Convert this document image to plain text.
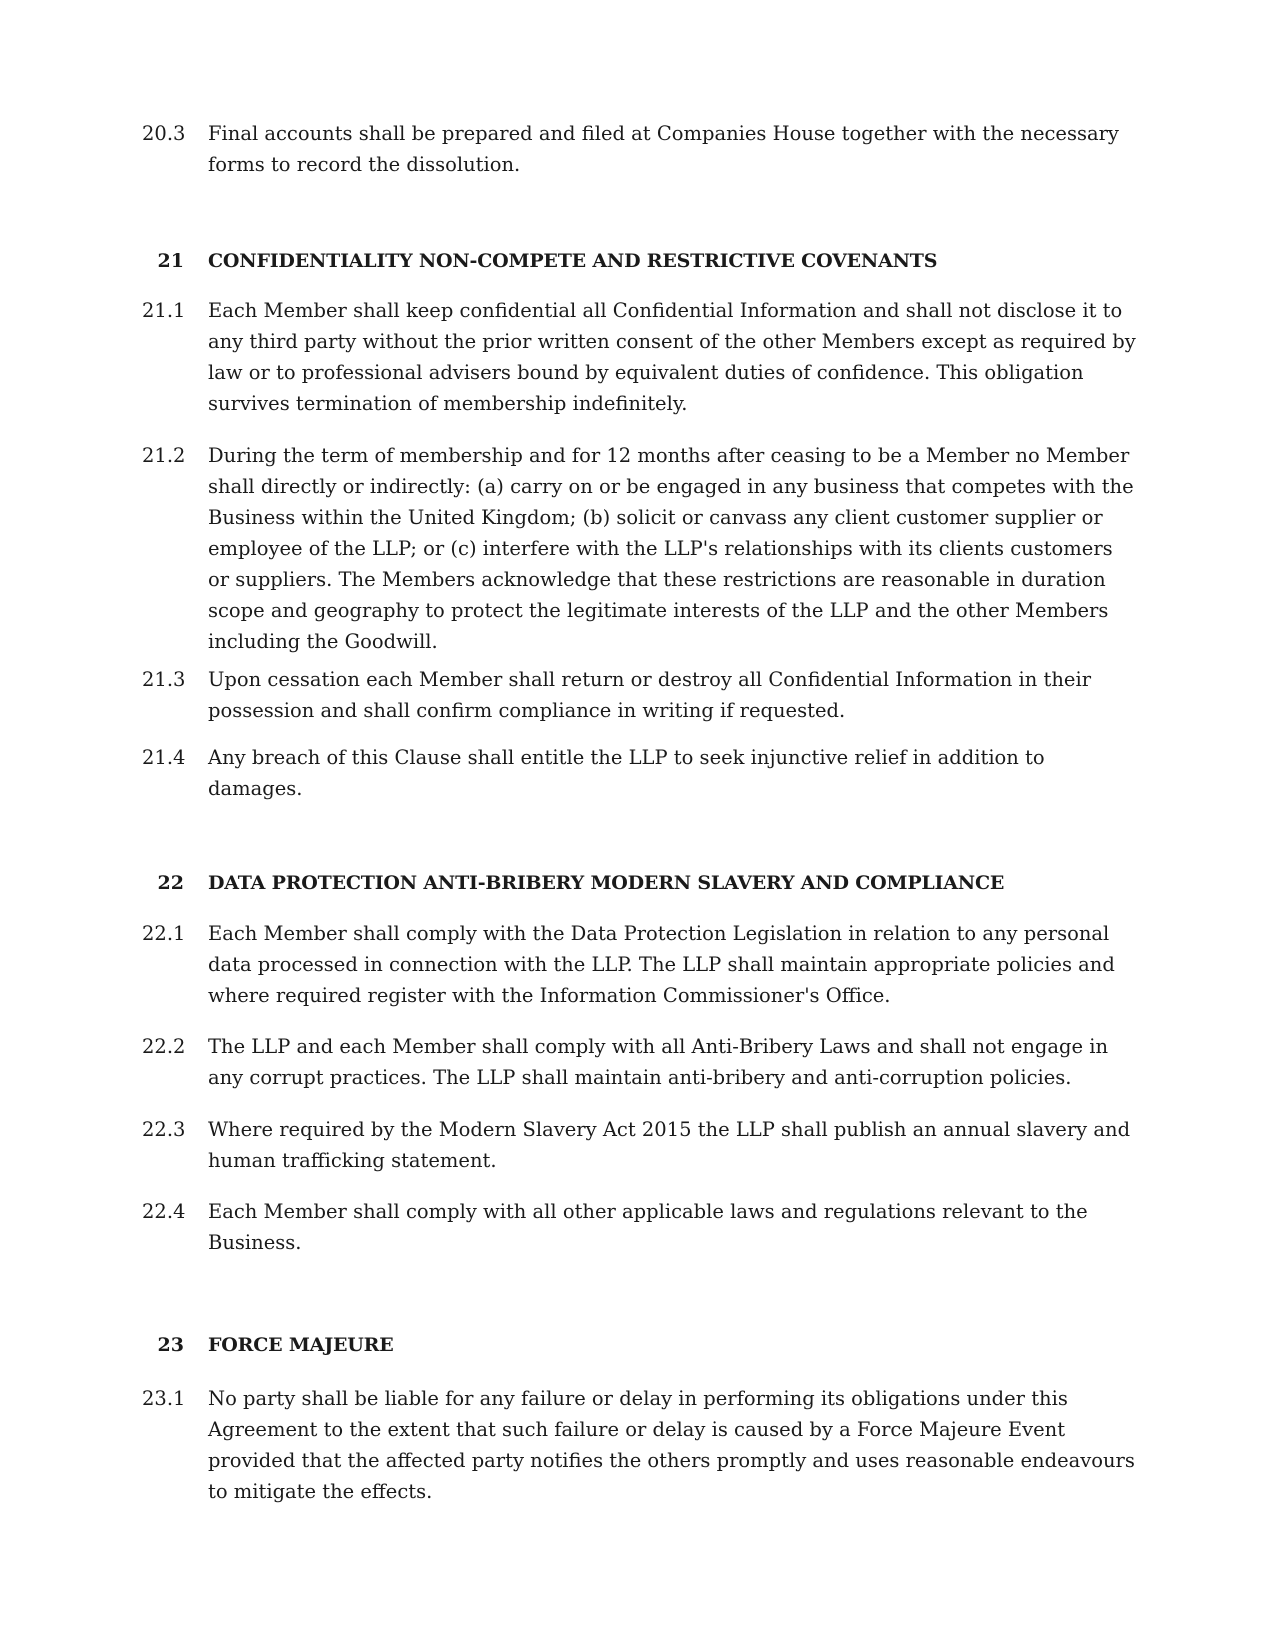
20.3	Final accounts shall be prepared and filed at Companies House together with the necessary forms to record the dissolution.
21 CONFIDENTIALITY NON-COMPETE AND RESTRICTIVE COVENANTS
21.1	Each Member shall keep confidential all Confidential Information and shall not disclose it to any third party without the prior written consent of the other Members except as required by law or to professional advisers bound by equivalent duties of confidence. This obligation survives termination of membership indefinitely.
21.2	During the term of membership and for 12 months after ceasing to be a Member no Member shall directly or indirectly: (a) carry on or be engaged in any business that competes with the Business within the United Kingdom; (b) solicit or canvass any client customer supplier or employee of the LLP; or (c) interfere with the LLP's relationships with its clients customers or suppliers. The Members acknowledge that these restrictions are reasonable in duration scope and geography to protect the legitimate interests of the LLP and the other Members including the Goodwill.
21.3	Upon cessation each Member shall return or destroy all Confidential Information in their possession and shall confirm compliance in writing if requested.
21.4	Any breach of this Clause shall entitle the LLP to seek injunctive relief in addition to damages.
22 DATA PROTECTION ANTI-BRIBERY MODERN SLAVERY AND COMPLIANCE
22.1	Each Member shall comply with the Data Protection Legislation in relation to any personal data processed in connection with the LLP. The LLP shall maintain appropriate policies and where required register with the Information Commissioner's Office.
22.2	The LLP and each Member shall comply with all Anti-Bribery Laws and shall not engage in any corrupt practices. The LLP shall maintain anti-bribery and anti-corruption policies.
22.3	Where required by the Modern Slavery Act 2015 the LLP shall publish an annual slavery and human trafficking statement.
22.4	Each Member shall comply with all other applicable laws and regulations relevant to the Business.
23 FORCE MAJEURE
23.1	No party shall be liable for any failure or delay in performing its obligations under this Agreement to the extent that such failure or delay is caused by a Force Majeure Event provided that the affected party notifies the others promptly and uses reasonable endeavours to mitigate the effects.
